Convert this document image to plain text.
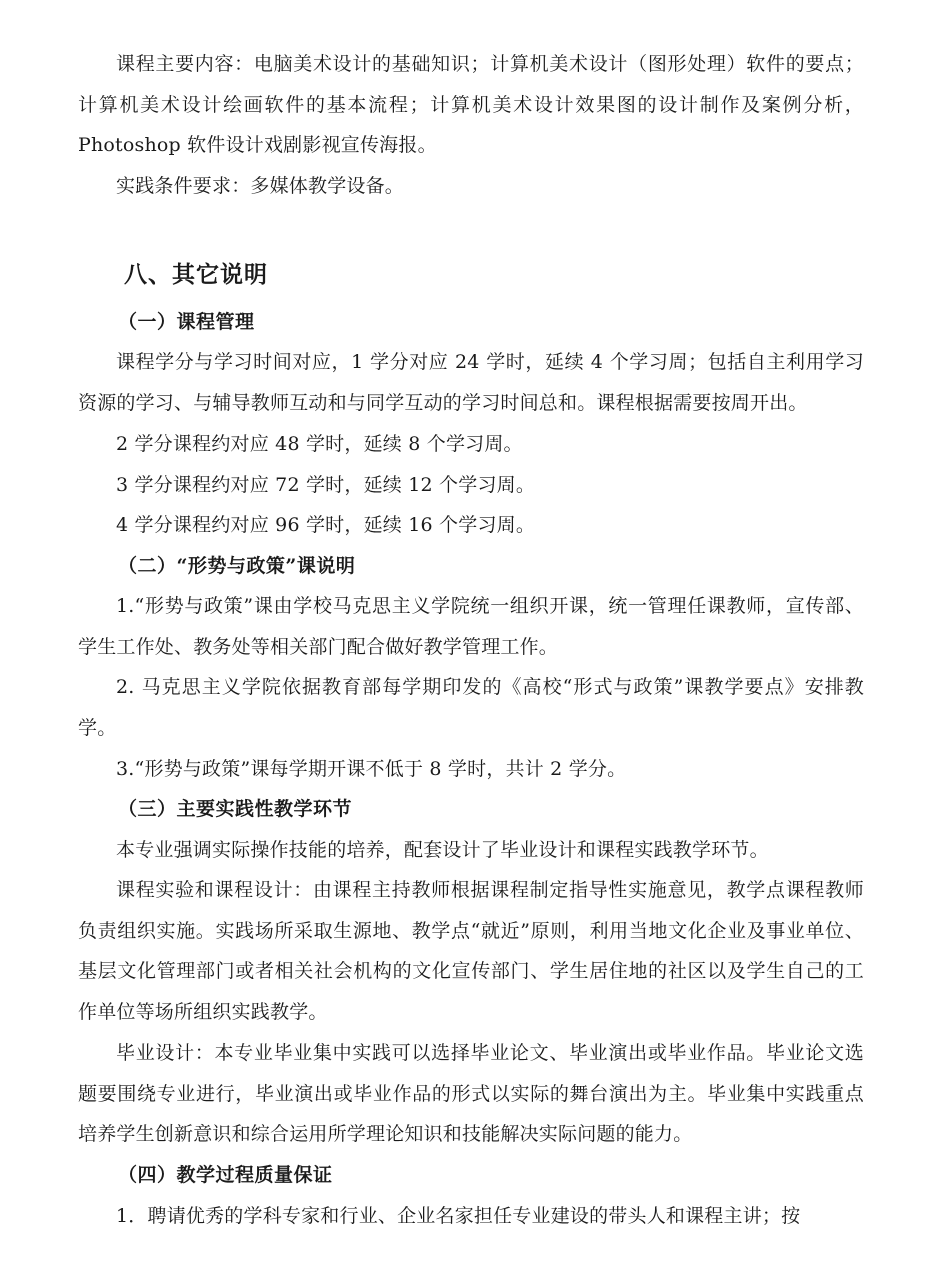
课程主要内容：电脑美术设计的基础知识；计算机美术设计（图形处理）软件的要点；计算机美术设计绘画软件的基本流程；计算机美术设计效果图的设计制作及案例分析，Photoshop 软件设计戏剧影视宣传海报。

实践条件要求：多媒体教学设备。

八、其它说明
（一）课程管理

课程学分与学习时间对应，1 学分对应 24 学时，延续 4 个学习周；包括自主利用学习资源的学习、与辅导教师互动和与同学互动的学习时间总和。课程根据需要按周开出。

2 学分课程约对应 48 学时，延续 8 个学习周。

3 学分课程约对应 72 学时，延续 12 个学习周。

4 学分课程约对应 96 学时，延续 16 个学习周。

（二）“形势与政策”课说明

1.“形势与政策”课由学校马克思主义学院统一组织开课，统一管理任课教师，宣传部、学生工作处、教务处等相关部门配合做好教学管理工作。

2. 马克思主义学院依据教育部每学期印发的《高校“形式与政策”课教学要点》安排教学。

3.“形势与政策”课每学期开课不低于 8 学时，共计 2 学分。

（三）主要实践性教学环节

本专业强调实际操作技能的培养，配套设计了毕业设计和课程实践教学环节。

课程实验和课程设计：由课程主持教师根据课程制定指导性实施意见，教学点课程教师负责组织实施。实践场所采取生源地、教学点“就近”原则，利用当地文化企业及事业单位、基层文化管理部门或者相关社会机构的文化宣传部门、学生居住地的社区以及学生自己的工作单位等场所组织实践教学。

毕业设计：本专业毕业集中实践可以选择毕业论文、毕业演出或毕业作品。毕业论文选题要围绕专业进行，毕业演出或毕业作品的形式以实际的舞台演出为主。毕业集中实践重点培养学生创新意识和综合运用所学理论知识和技能解决实际问题的能力。

（四）教学过程质量保证

1．聘请优秀的学科专家和行业、企业名家担任专业建设的带头人和课程主讲；按
